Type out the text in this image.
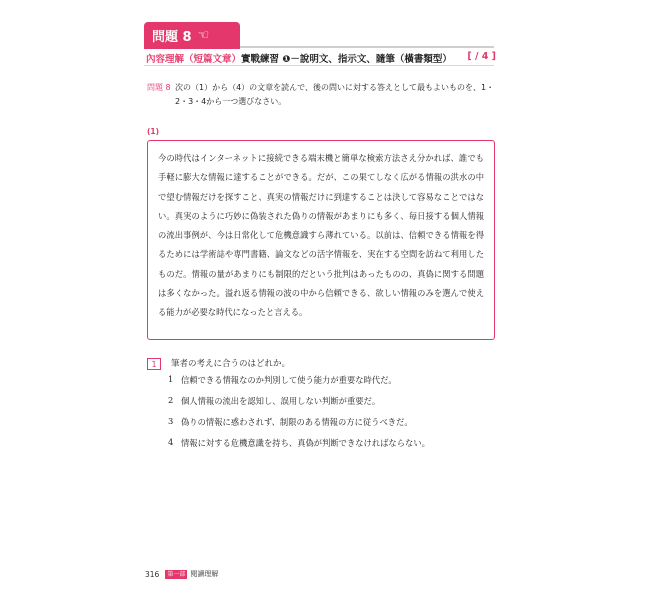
問題 8 ☜
內容理解（短篇文章）實戰練習 ❶－說明文、指示文、隨筆（橫書類型） [ / 4 ]
問題 8 次の（1）から（4）の文章を読んで、後の問いに対する答えとして最もよいものを、1・2・3・4から一つ選びなさい。
(1)
今の時代はインターネットに接続できる端末機と簡単な検索方法さえ分かれば、誰でも手軽に膨大な情報に達することができる。だが、この果てしなく広がる情報の洪水の中で望む情報だけを探すこと、真実の情報だけに到達することは決して容易なことではない。真実のように巧妙に偽装された偽りの情報があまりにも多く、毎日接する個人情報の流出事例が、今は日常化して危機意識すら薄れている。以前は、信頼できる情報を得るためには学術誌や専門書籍、論文などの活字情報を、実在する空間を訪ねて利用したものだ。情報の量があまりにも制限的だという批判はあったものの、真偽に関する問題は多くなかった。溢れ返る情報の波の中から信頼できる、欲しい情報のみを選んで使える能力が必要な時代になったと言える。
1	筆者の考えに合うのはどれか。
1 信頼できる情報なのか判別して使う能力が重要な時代だ。
2 個人情報の流出を認知し、誤用しない判断が重要だ。
3 偽りの情報に惑わされず、制限のある情報の方に従うべきだ。
4 情報に対する危機意識を持ち、真偽が判断できなければならない。
316	第一部 閱讀理解
